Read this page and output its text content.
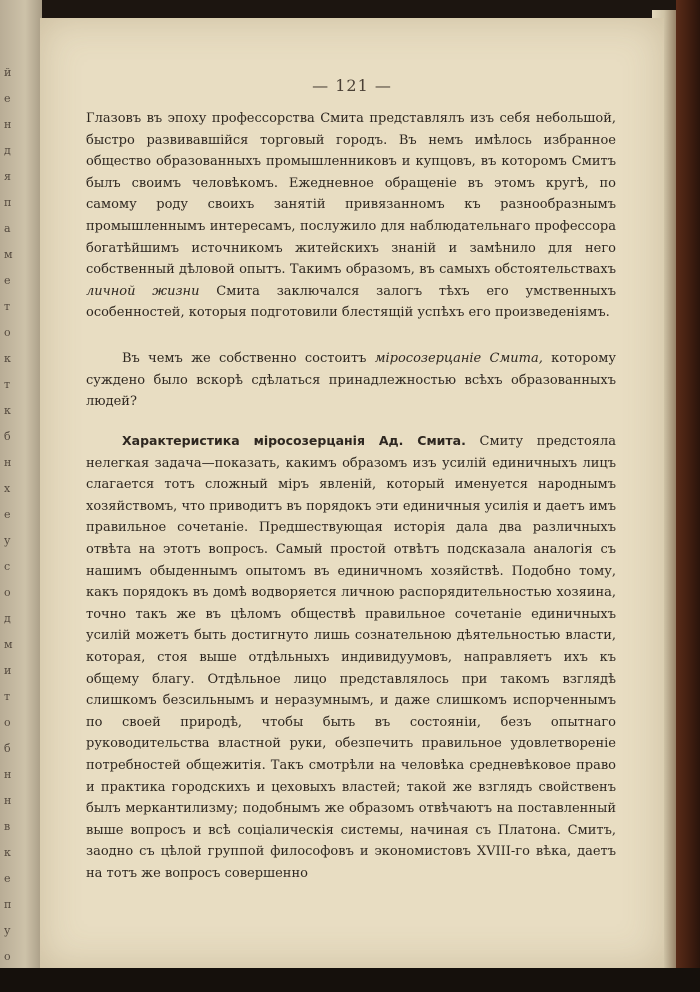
й
е
н
д
я
п
а
м
е
т
о
к
т
к
б
н
х
е
у
с
о
д
м
и
т
о
б
н
н
в
к
е
п
у
о
— 121 —
Глазовъ въ эпоху профессорства Смита представлялъ изъ себя небольшой, быстро развивавшійся торговый городъ. Въ немъ имѣлось избранное общество образованныхъ промышленниковъ и купцовъ, въ которомъ Смитъ былъ своимъ человѣкомъ. Ежедневное обращеніе въ этомъ кругѣ, по самому роду своихъ занятій привязанномъ къ разнообразнымъ промышленнымъ интересамъ, послужило для наблюдательнаго профессора богатѣйшимъ источникомъ житейскихъ знаній и замѣнило для него собственный дѣловой опытъ. Такимъ образомъ, въ самыхъ обстоятельствахъ личной жизни Смита заключался залогъ тѣхъ его умственныхъ особенностей, которыя подготовили блестящій успѣхъ его произведеніямъ.
Въ чемъ же собственно состоитъ міросозерцаніе Смита, которому суждено было вскорѣ сдѣлаться принадлежностью всѣхъ образованныхъ людей?
Характеристика міросозерцанія Ад. Смита. Смиту предстояла нелегкая задача—показать, какимъ образомъ изъ усилій единичныхъ лицъ слагается тотъ сложный міръ явленій, который именуется народнымъ хозяйствомъ, что приводитъ въ порядокъ эти единичныя усилія и даетъ имъ правильное сочетаніе. Предшествующая исторія дала два различныхъ отвѣта на этотъ вопросъ. Самый простой отвѣтъ подсказала аналогія съ нашимъ обыденнымъ опытомъ въ единичномъ хозяйствѣ. Подобно тому, какъ порядокъ въ домѣ водворяется личною распорядительностью хозяина, точно такъ же въ цѣломъ обществѣ правильное сочетаніе единичныхъ усилій можетъ быть достигнуто лишь сознательною дѣятельностью власти, которая, стоя выше отдѣльныхъ индивидуумовъ, направляетъ ихъ къ общему благу. Отдѣльное лицо представлялось при такомъ взглядѣ слишкомъ безсильнымъ и неразумнымъ, и даже слишкомъ испорченнымъ по своей природѣ, чтобы быть въ состояніи, безъ опытнаго руководительства властной руки, обезпечить правильное удовлетвореніе потребностей общежитія. Такъ смотрѣли на человѣка средневѣковое право и практика городскихъ и цеховыхъ властей; такой же взглядъ свойственъ былъ меркантилизму; подобнымъ же образомъ отвѣчаютъ на поставленный выше вопросъ и всѣ соціалическія системы, начиная съ Платона. Смитъ, заодно съ цѣлой группой философовъ и экономистовъ XVIII-го вѣка, даетъ на тотъ же вопросъ совершенно
